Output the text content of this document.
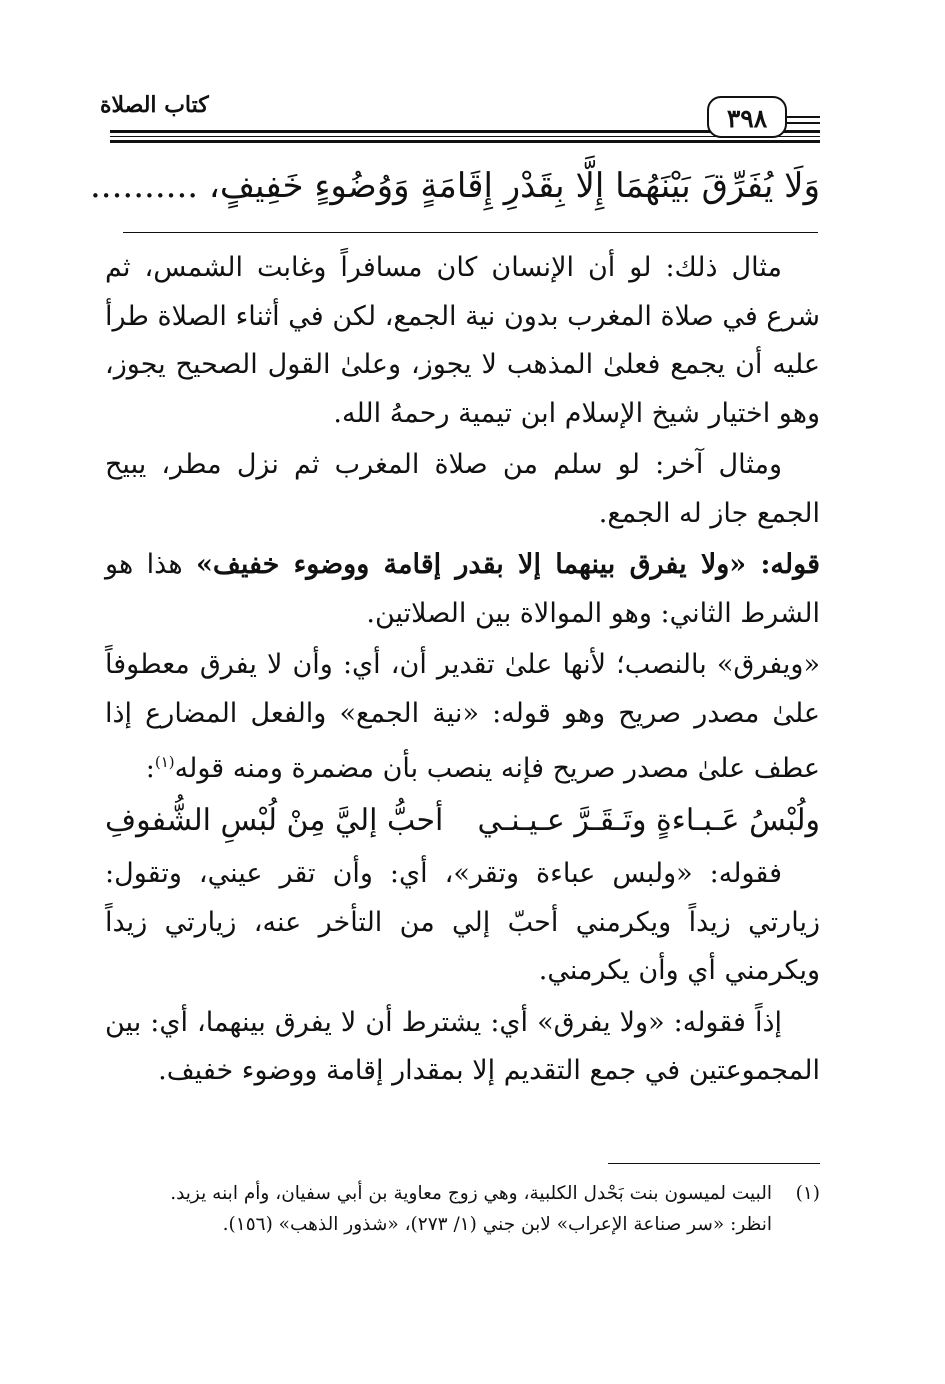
كتاب الصلاة	٣٩٨
وَلَا يُفَرِّقَ بَيْنَهُمَا إِلَّا بِقَدْرِ إِقَامَةٍ وَوُضُوءٍ خَفِيفٍ، ..........

مثال ذلك: لو أن الإنسان كان مسافراً وغابت الشمس، ثم شرع في صلاة المغرب بدون نية الجمع، لكن في أثناء الصلاة طرأ عليه أن يجمع فعلىٰ المذهب لا يجوز، وعلىٰ القول الصحيح يجوز، وهو اختيار شيخ الإسلام ابن تيمية رحمهُ الله.

ومثال آخر: لو سلم من صلاة المغرب ثم نزل مطر، يبيح الجمع جاز له الجمع.

قوله: «ولا يفرق بينهما إلا بقدر إقامة ووضوء خفيف» هذا هو الشرط الثاني: وهو الموالاة بين الصلاتين.

«ويفرق» بالنصب؛ لأنها علىٰ تقدير أن، أي: وأن لا يفرق معطوفاً علىٰ مصدر صريح وهو قوله: «نية الجمع» والفعل المضارع إذا عطف علىٰ مصدر صريح فإنه ينصب بأن مضمرة ومنه قوله$^{(١)}$:

ولُبْسُ عَـبـاءةٍ وتَـقَـرَّ عـيـنـي
أحبُّ إليَّ مِنْ لُبْسِ الشُّفوفِ

فقوله: «ولبس عباءة وتقر»، أي: وأن تقر عيني، وتقول: زيارتي زيداً ويكرمني أحبّ إلي من التأخر عنه، زيارتي زيداً ويكرمني أي وأن يكرمني.

إذاً فقوله: «ولا يفرق» أي: يشترط أن لا يفرق بينهما، أي: بين المجموعتين في جمع التقديم إلا بمقدار إقامة ووضوء خفيف.

(١)البيت لميسون بنت بَحْدل الكلبية، وهي زوج معاوية بن أبي سفيان، وأم ابنه يزيد.

انظر: «سر صناعة الإعراب» لابن جني (١/ ٢٧٣)، «شذور الذهب» (١٥٦).
